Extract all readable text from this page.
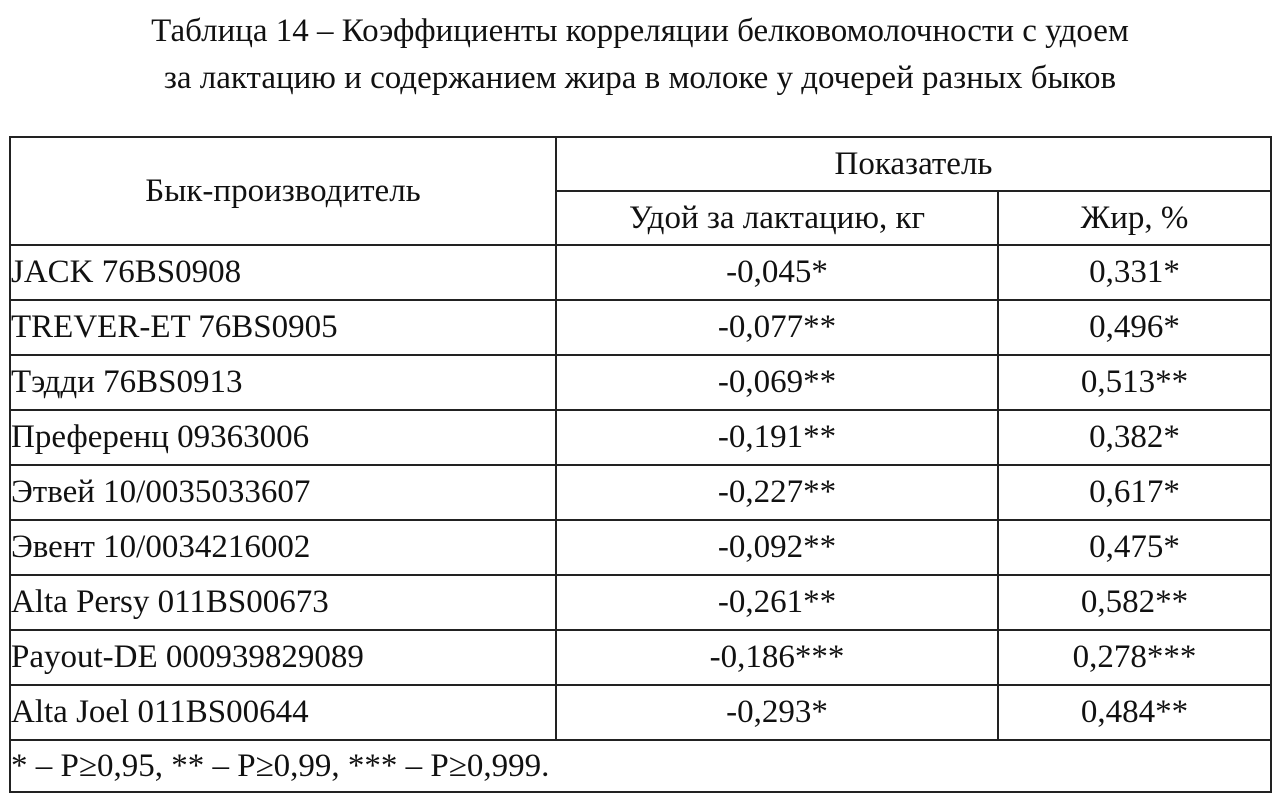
Таблица 14 – Коэффициенты корреляции белковомолочности с удоем
за лактацию и содержанием жира в молоке у дочерей разных быков
Бык-производитель	Показатель	
	Удой за лактацию, кг	Жир, %
JACK 76BS0908	-0,045*	0,331*
TREVER-ET 76BS0905	-0,077**	0,496*
Тэдди 76BS0913	-0,069**	0,513**
Преференц 09363006	-0,191**	0,382*
Этвей 10/0035033607	-0,227**	0,617*
Эвент 10/0034216002	-0,092**	0,475*
Alta Persy 011BS00673	-0,261**	0,582**
Payout-DE 000939829089	-0,186***	0,278***
Alta Joel 011BS00644	-0,293*	0,484**
* – P≥0,95, ** – P≥0,99, *** – P≥0,999.		
